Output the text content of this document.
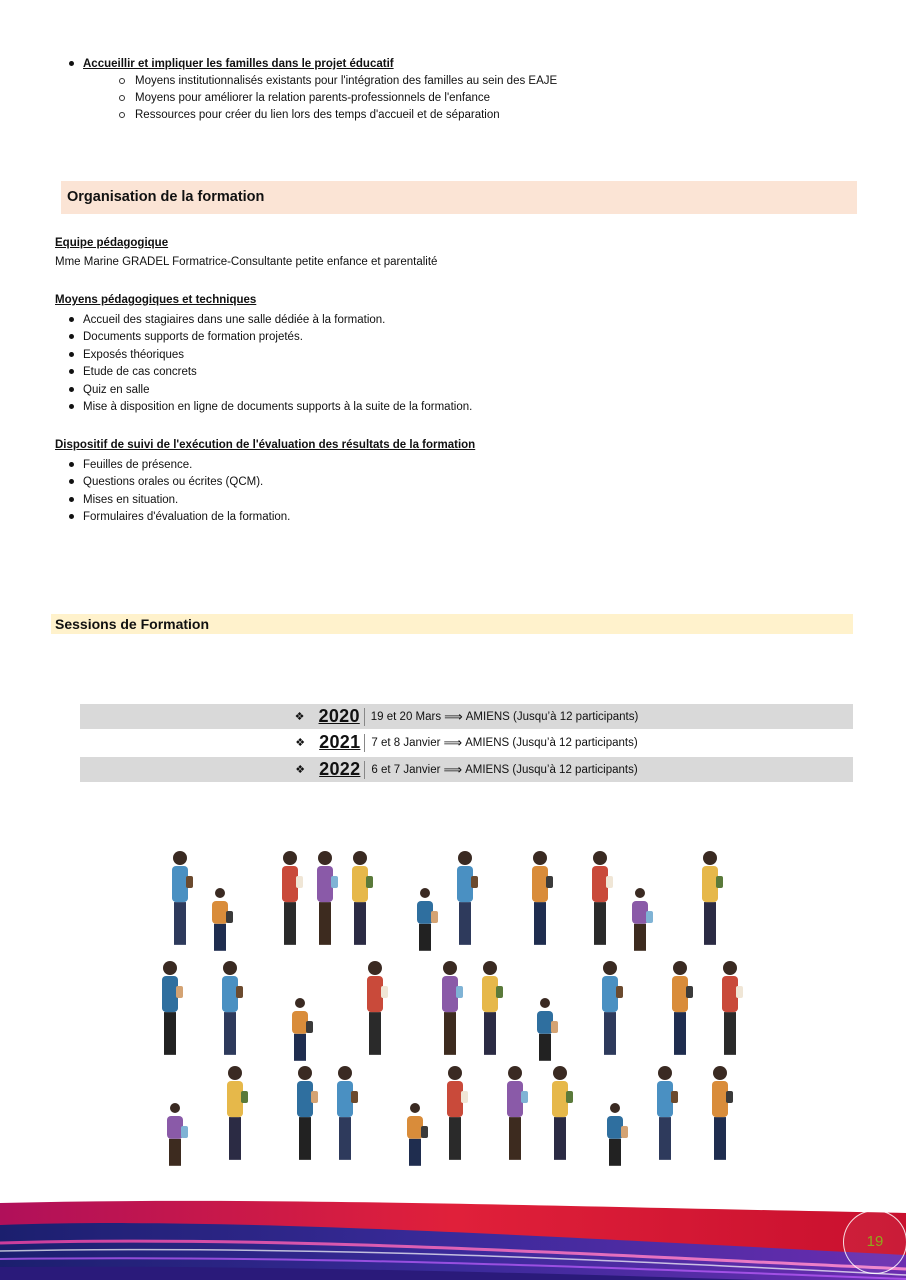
Accueillir et impliquer les familles dans le projet éducatif
Moyens institutionnalisés existants pour l'intégration des familles au sein des EAJE
Moyens pour améliorer la relation parents-professionnels de l'enfance
Ressources pour créer du lien lors des temps d'accueil et de séparation
Organisation de la formation
Equipe pédagogique
Mme Marine GRADEL Formatrice-Consultante petite enfance et parentalité
Moyens pédagogiques et techniques
Accueil des stagiaires dans une salle dédiée à la formation.
Documents supports de formation projetés.
Exposés théoriques
Etude de cas concrets
Quiz en salle
Mise à disposition en ligne de documents supports à la suite de la formation.
Dispositif de suivi de l'exécution de l'évaluation des résultats de la formation
Feuilles de présence.
Questions orales ou écrites (QCM).
Mises en situation.
Formulaires d'évaluation de la formation.
Sessions de Formation
❖ 2020 19 et 20 Mars ⟹ AMIENS (Jusqu’à 12 participants)
❖ 2021 7 et 8 Janvier ⟹ AMIENS (Jusqu’à 12 participants)
❖ 2022 6 et 7 Janvier ⟹ AMIENS (Jusqu’à 12 participants)
19
